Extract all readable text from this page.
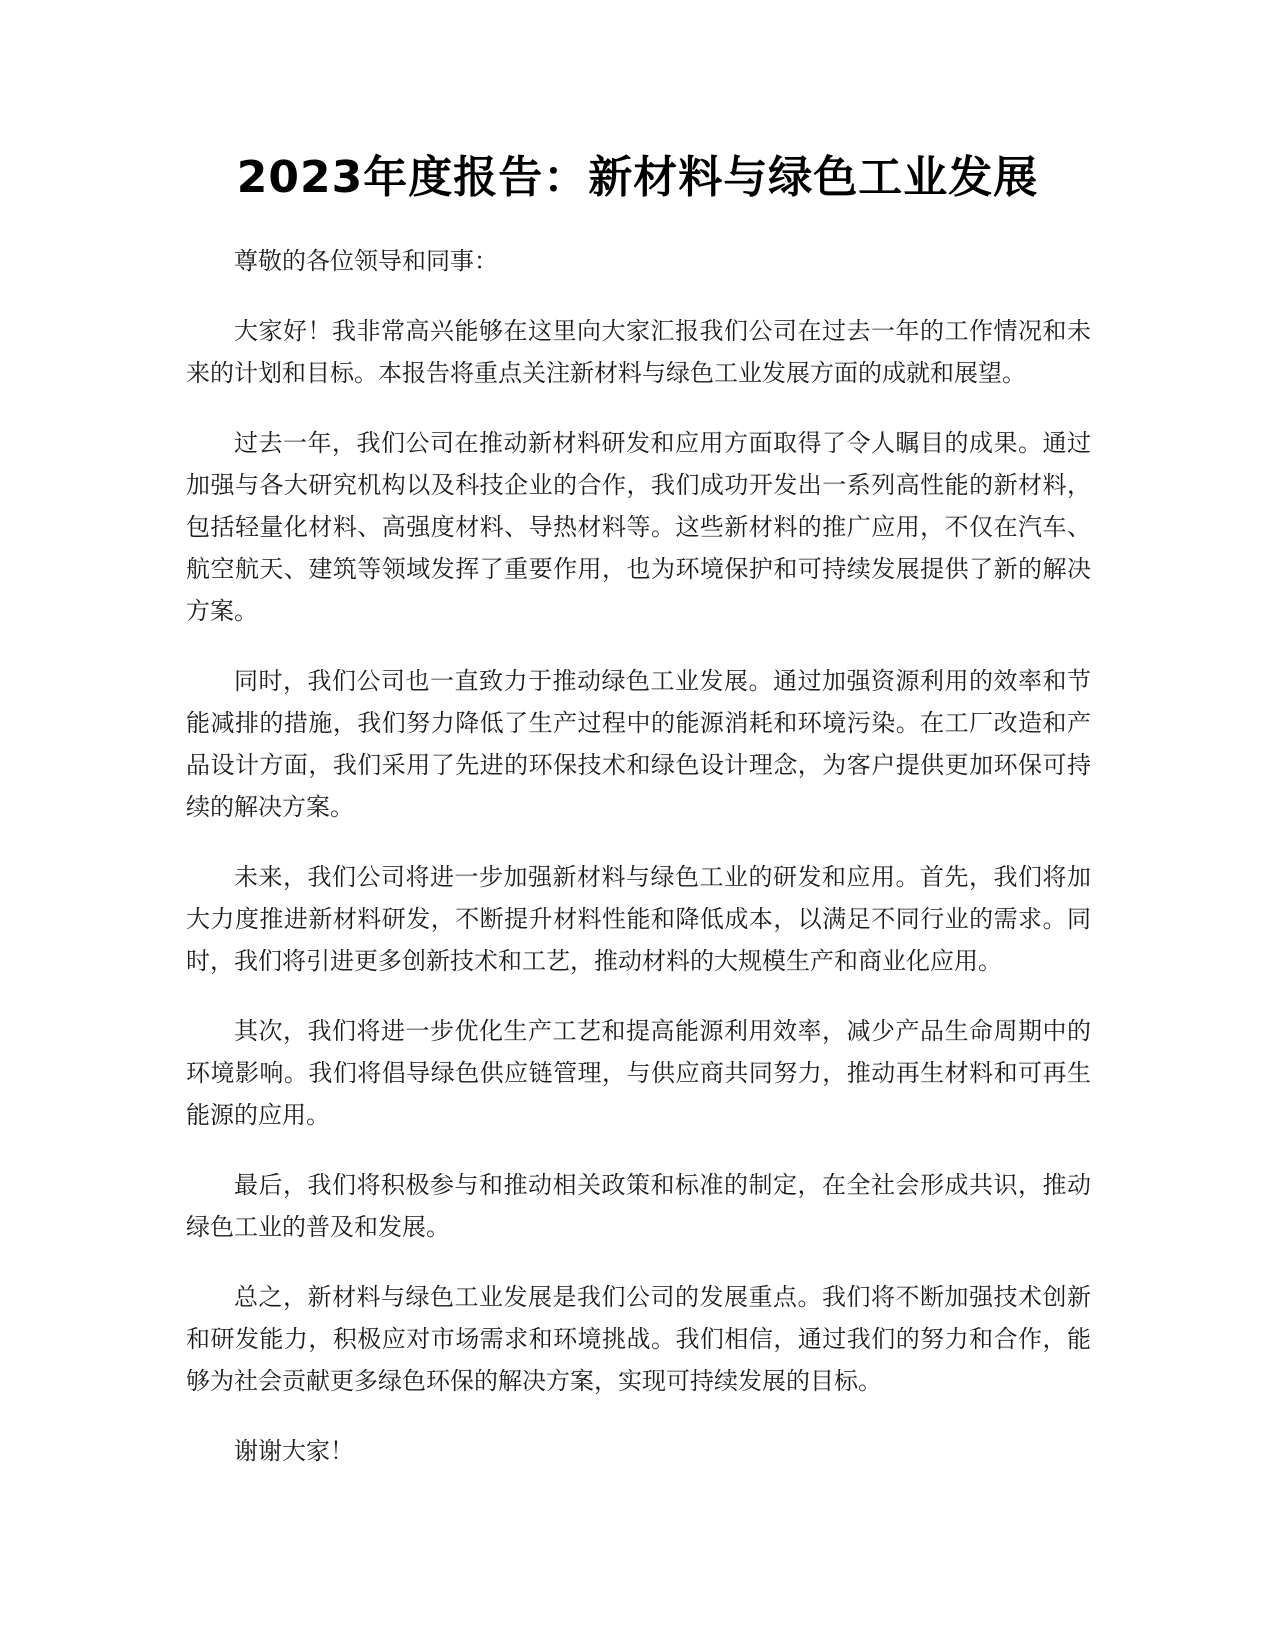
2023年度报告：新材料与绿色工业发展

尊敬的各位领导和同事：

大家好！我非常高兴能够在这里向大家汇报我们公司在过去一年的工作情况和未来的计划和目标。本报告将重点关注新材料与绿色工业发展方面的成就和展望。

过去一年，我们公司在推动新材料研发和应用方面取得了令人瞩目的成果。通过加强与各大研究机构以及科技企业的合作，我们成功开发出一系列高性能的新材料，包括轻量化材料、高强度材料、导热材料等。这些新材料的推广应用，不仅在汽车、航空航天、建筑等领域发挥了重要作用，也为环境保护和可持续发展提供了新的解决方案。

同时，我们公司也一直致力于推动绿色工业发展。通过加强资源利用的效率和节能减排的措施，我们努力降低了生产过程中的能源消耗和环境污染。在工厂改造和产品设计方面，我们采用了先进的环保技术和绿色设计理念，为客户提供更加环保可持续的解决方案。

未来，我们公司将进一步加强新材料与绿色工业的研发和应用。首先，我们将加大力度推进新材料研发，不断提升材料性能和降低成本，以满足不同行业的需求。同时，我们将引进更多创新技术和工艺，推动材料的大规模生产和商业化应用。

其次，我们将进一步优化生产工艺和提高能源利用效率，减少产品生命周期中的环境影响。我们将倡导绿色供应链管理，与供应商共同努力，推动再生材料和可再生能源的应用。

最后，我们将积极参与和推动相关政策和标准的制定，在全社会形成共识，推动绿色工业的普及和发展。

总之，新材料与绿色工业发展是我们公司的发展重点。我们将不断加强技术创新和研发能力，积极应对市场需求和环境挑战。我们相信，通过我们的努力和合作，能够为社会贡献更多绿色环保的解决方案，实现可持续发展的目标。

谢谢大家！
